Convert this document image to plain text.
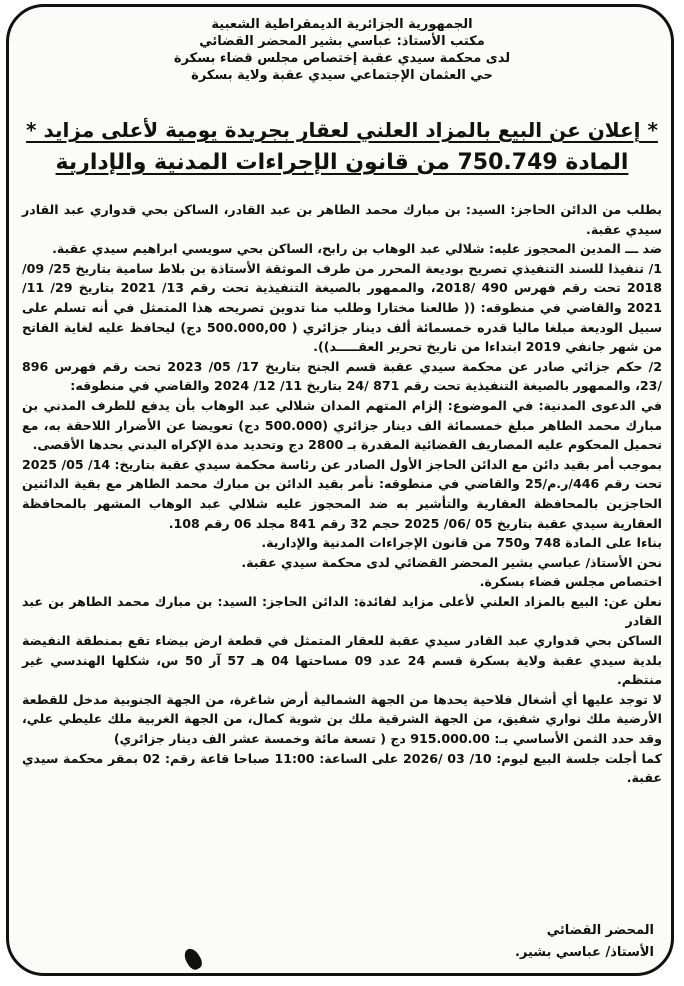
الجمهورية الجزائرية الديمقراطية الشعبية
مكتب الأستاذ: عباسي بشير المحضر القضائي
لدى محكمة سيدي عقبة إختصاص مجلس قضاء بسكرة
حي العثمان الإجتماعي سيدي عقبة ولاية بسكرة
* إعلان عن البيع بالمزاد العلني لعقار بجريدة يومية لأعلى مزايد *
المادة 750.749 من قانون الإجراءات المدنية والإدارية

بطلب من الدائن الحاجز: السيد: بن مبارك محمد الطاهر بن عبد القادر، الساكن بحي قدواري عبد القادر سيدي عقبة.

ضد ـــ المدين المحجوز عليه: شلالي عبد الوهاب بن رابح، الساكن بحي سويسي ابراهيم سيدي عقبة.

1/ تنفيذا للسند التنفيذي تصريح بوديعة المحرر من طرف الموثقة الأستاذة بن بلاط سامية بتاريخ 25/ 09/ 2018 تحت رقم فهرس 490 /2018، والممهور بالصيغة التنفيذية تحت رقم 13/ 2021 بتاريخ 29/ 11/ 2021 والقاضي في منطوقه: (( طالعنا مختارا وطلب منا تدوين تصريحه هذا المتمثل في أنه تسلم على سبيل الوديعة مبلغا ماليا قدره خمسمائة ألف دينار جزائري ( 500.000,00 دج) ليحافظ عليه لغاية الفاتح من شهر جانفي 2019 ابتداءا من تاريخ تحرير العقـــــد)).

2/ حكم جزائي صادر عن محكمة سيدي عقبة قسم الجنح بتاريخ 17/ 05/ 2023 تحت رقم فهرس 896 /23، والممهور بالصيغة التنفيذية تحت رقم 871 /24 بتاريخ 11/ 12/ 2024 والقاضي في منطوقه:

في الدعوى المدنية: في الموضوع: إلزام المتهم المدان شلالي عبد الوهاب بأن يدفع للطرف المدني بن مبارك محمد الطاهر مبلغ خمسمائة الف دينار جزائري (500.000 دج) تعويضا عن الأضرار اللاحقة به، مع تحميل المحكوم عليه المصاريف القضائية المقدرة بـ 2800 دج وتحديد مدة الإكراه البدني بحدها الأقصى.

بموجب أمر بقيد دائن مع الدائن الحاجز الأول الصادر عن رئاسة محكمة سيدي عقبة بتاريخ: 14/ 05/ 2025 تحت رقم 446/ر.م/25 والقاضي في منطوقه: نأمر بقيد الدائن بن مبارك محمد الطاهر مع بقية الدائنين الحاجزين بالمحافظة العقارية والتأشير به ضد المحجوز عليه شلالي عبد الوهاب المشهر بالمحافظة العقارية سيدي عقبة بتاريخ 05 /06/ 2025 حجم 32 رقم 841 مجلد 06 رقم 108.

بناءا على المادة 748 و750 من قانون الإجراءات المدنية والإدارية.

نحن الأستاذ/ عباسي بشير المحضر القضائي لدى محكمة سيدي عقبة.

اختصاص مجلس قضاء بسكرة.

نعلن عن: البيع بالمزاد العلني لأعلى مزايد لفائدة: الدائن الحاجز: السيد: بن مبارك محمد الطاهر بن عبد القادر

الساكن بحي قدواري عبد القادر سيدي عقبة للعقار المتمثل في قطعة ارض بيضاء تقع بمنطقة النفيضة بلدية سيدي عقبة ولاية بسكرة قسم 24 عدد 09 مساحتها 04 هـ 57 آر 50 س، شكلها الهندسي غير منتظم.

لا توجد عليها أي أشغال فلاحية يحدها من الجهة الشمالية أرض شاغرة، من الجهة الجنوبية مدخل للقطعة الأرضية ملك نواري شفيق، من الجهة الشرقية ملك بن شوية كمال، من الجهة الغربية ملك عليطي علي، وقد حدد الثمن الأساسي بـ: 915.000.00 دج ( تسعة مائة وخمسة عشر الف دينار جزائري)

كما أجلت جلسة البيع ليوم: 10/ 03 /2026 على الساعة: 11:00 صباحا قاعة رقم: 02 بمقر محكمة سيدي عقبة.

المحضر القضائي
الأستاذ/ عباسي بشير.
